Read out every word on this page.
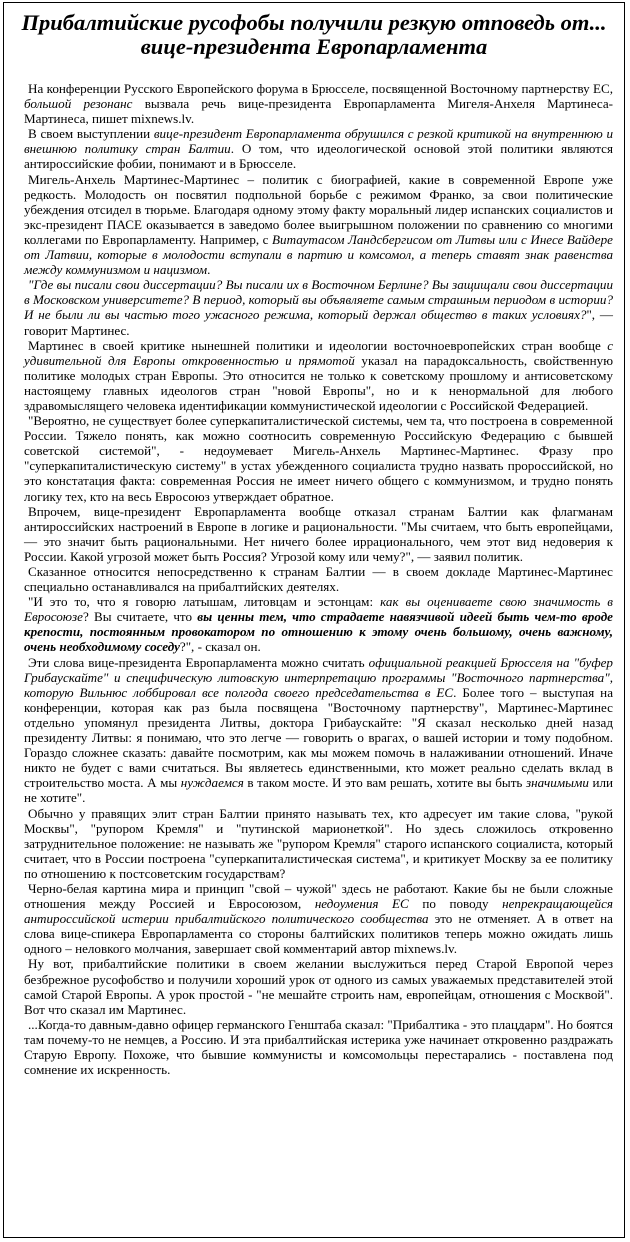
Прибалтийские русофобы получили резкую отповедь от... вице-президента Европарламента

На конференции Русского Европейского форума в Брюсселе, посвященной Восточному партнерству ЕС, большой резонанс вызвала речь вице-президента Европарламента Мигеля-Анхеля Мартинеса-Мартинеса, пишет mixnews.lv.

В своем выступлении вице-президент Европарламента обрушился с резкой критикой на внутреннюю и внешнюю политику стран Балтии. О том, что идеологической основой этой политики являются антироссийские фобии, понимают и в Брюсселе.

Мигель-Анхель Мартинес-Мартинес – политик с биографией, какие в современной Европе уже редкость. Молодость он посвятил подпольной борьбе с режимом Франко, за свои политические убеждения отсидел в тюрьме. Благодаря одному этому факту моральный лидер испанских социалистов и экс-президент ПАСЕ оказывается в заведомо более выигрышном положении по сравнению со многими коллегами по Европарламенту. Например, с Витаутасом Ландсбергисом от Литвы или с Инесе Вайдере от Латвии, которые в молодости вступали в партию и комсомол, а теперь ставят знак равенства между коммунизмом и нацизмом.

"Где вы писали свои диссертации? Вы писали их в Восточном Берлине? Вы защищали свои диссертации в Московском университете? В период, который вы объявляете самым страшным периодом в истории? И не были ли вы частью того ужасного режима, который держал общество в таких условиях?", — говорит Мартинес.

Мартинес в своей критике нынешней политики и идеологии восточноевропейских стран вообще с удивительной для Европы откровенностью и прямотой указал на парадоксальность, свойственную политике молодых стран Европы. Это относится не только к советскому прошлому и антисоветскому настоящему главных идеологов стран "новой Европы", но и к ненормальной для любого здравомыслящего человека идентификации коммунистической идеологии с Российской Федерацией.

"Вероятно, не существует более суперкапиталистической системы, чем та, что построена в современной России. Тяжело понять, как можно соотносить современную Российскую Федерацию с бывшей советской системой", - недоумевает Мигель-Анхель Мартинес-Мартинес. Фразу про "суперкапиталистическую систему" в устах убежденного социалиста трудно назвать пророссийской, но это констатация факта: современная Россия не имеет ничего общего с коммунизмом, и трудно понять логику тех, кто на весь Евросоюз утверждает обратное.

Впрочем, вице-президент Европарламента вообще отказал странам Балтии как флагманам антироссийских настроений в Европе в логике и рациональности. "Мы считаем, что быть европейцами, — это значит быть рациональными. Нет ничего более иррационального, чем этот вид недоверия к России. Какой угрозой может быть Россия? Угрозой кому или чему?", — заявил политик.

Сказанное относится непосредственно к странам Балтии — в своем докладе Мартинес-Мартинес специально останавливался на прибалтийских деятелях.

"И это то, что я говорю латышам, литовцам и эстонцам: как вы оцениваете свою значимость в Евросоюзе? Вы считаете, что вы ценны тем, что страдаете навязчивой идеей быть чем-то вроде крепости, постоянным провокатором по отношению к этому очень большому, очень важному, очень необходимому соседу?", - сказал он.

Эти слова вице-президента Европарламента можно считать официальной реакцией Брюсселя на "буфер Грибаускайте" и специфическую литовскую интерпретацию программы "Восточного партнерства", которую Вильнюс лоббировал все полгода своего председательства в ЕС. Более того – выступая на конференции, которая как раз была посвящена "Восточному партнерству", Мартинес-Мартинес отдельно упомянул президента Литвы, доктора Грибаускайте: "Я сказал несколько дней назад президенту Литвы: я понимаю, что это легче — говорить о врагах, о вашей истории и тому подобном. Гораздо сложнее сказать: давайте посмотрим, как мы можем помочь в налаживании отношений. Иначе никто не будет с вами считаться. Вы являетесь единственными, кто может реально сделать вклад в строительство моста. А мы нуждаемся в таком мосте. И это вам решать, хотите вы быть значимыми или не хотите".

Обычно у правящих элит стран Балтии принято называть тех, кто адресует им такие слова, "рукой Москвы", "рупором Кремля" и "путинской марионеткой". Но здесь сложилось откровенно затруднительное положение: не называть же "рупором Кремля" старого испанского социалиста, который считает, что в России построена "суперкапиталистическая система", и критикует Москву за ее политику по отношению к постсоветским государствам?

Черно-белая картина мира и принцип "свой – чужой" здесь не работают. Какие бы не были сложные отношения между Россией и Евросоюзом, недоумения ЕС по поводу непрекращающейся антироссийской истерии прибалтийского политического сообщества это не отменяет. А в ответ на слова вице-спикера Европарламента со стороны балтийских политиков теперь можно ожидать лишь одного – неловкого молчания, завершает свой комментарий автор mixnews.lv.

Ну вот, прибалтийские политики в своем желании выслужиться перед Старой Европой через безбрежное русофобство и получили хороший урок от одного из самых уважаемых представителей этой самой Старой Европы. А урок простой - "не мешайте строить нам, европейцам, отношения с Москвой". Вот что сказал им Мартинес.

...Когда-то давным-давно офицер германского Генштаба сказал: "Прибалтика - это плацдарм". Но боятся там почему-то не немцев, а Россию. И эта прибалтийская истерика уже начинает откровенно раздражать Старую Европу. Похоже, что бывшие коммунисты и комсомольцы перестарались - поставлена под сомнение их искренность.
